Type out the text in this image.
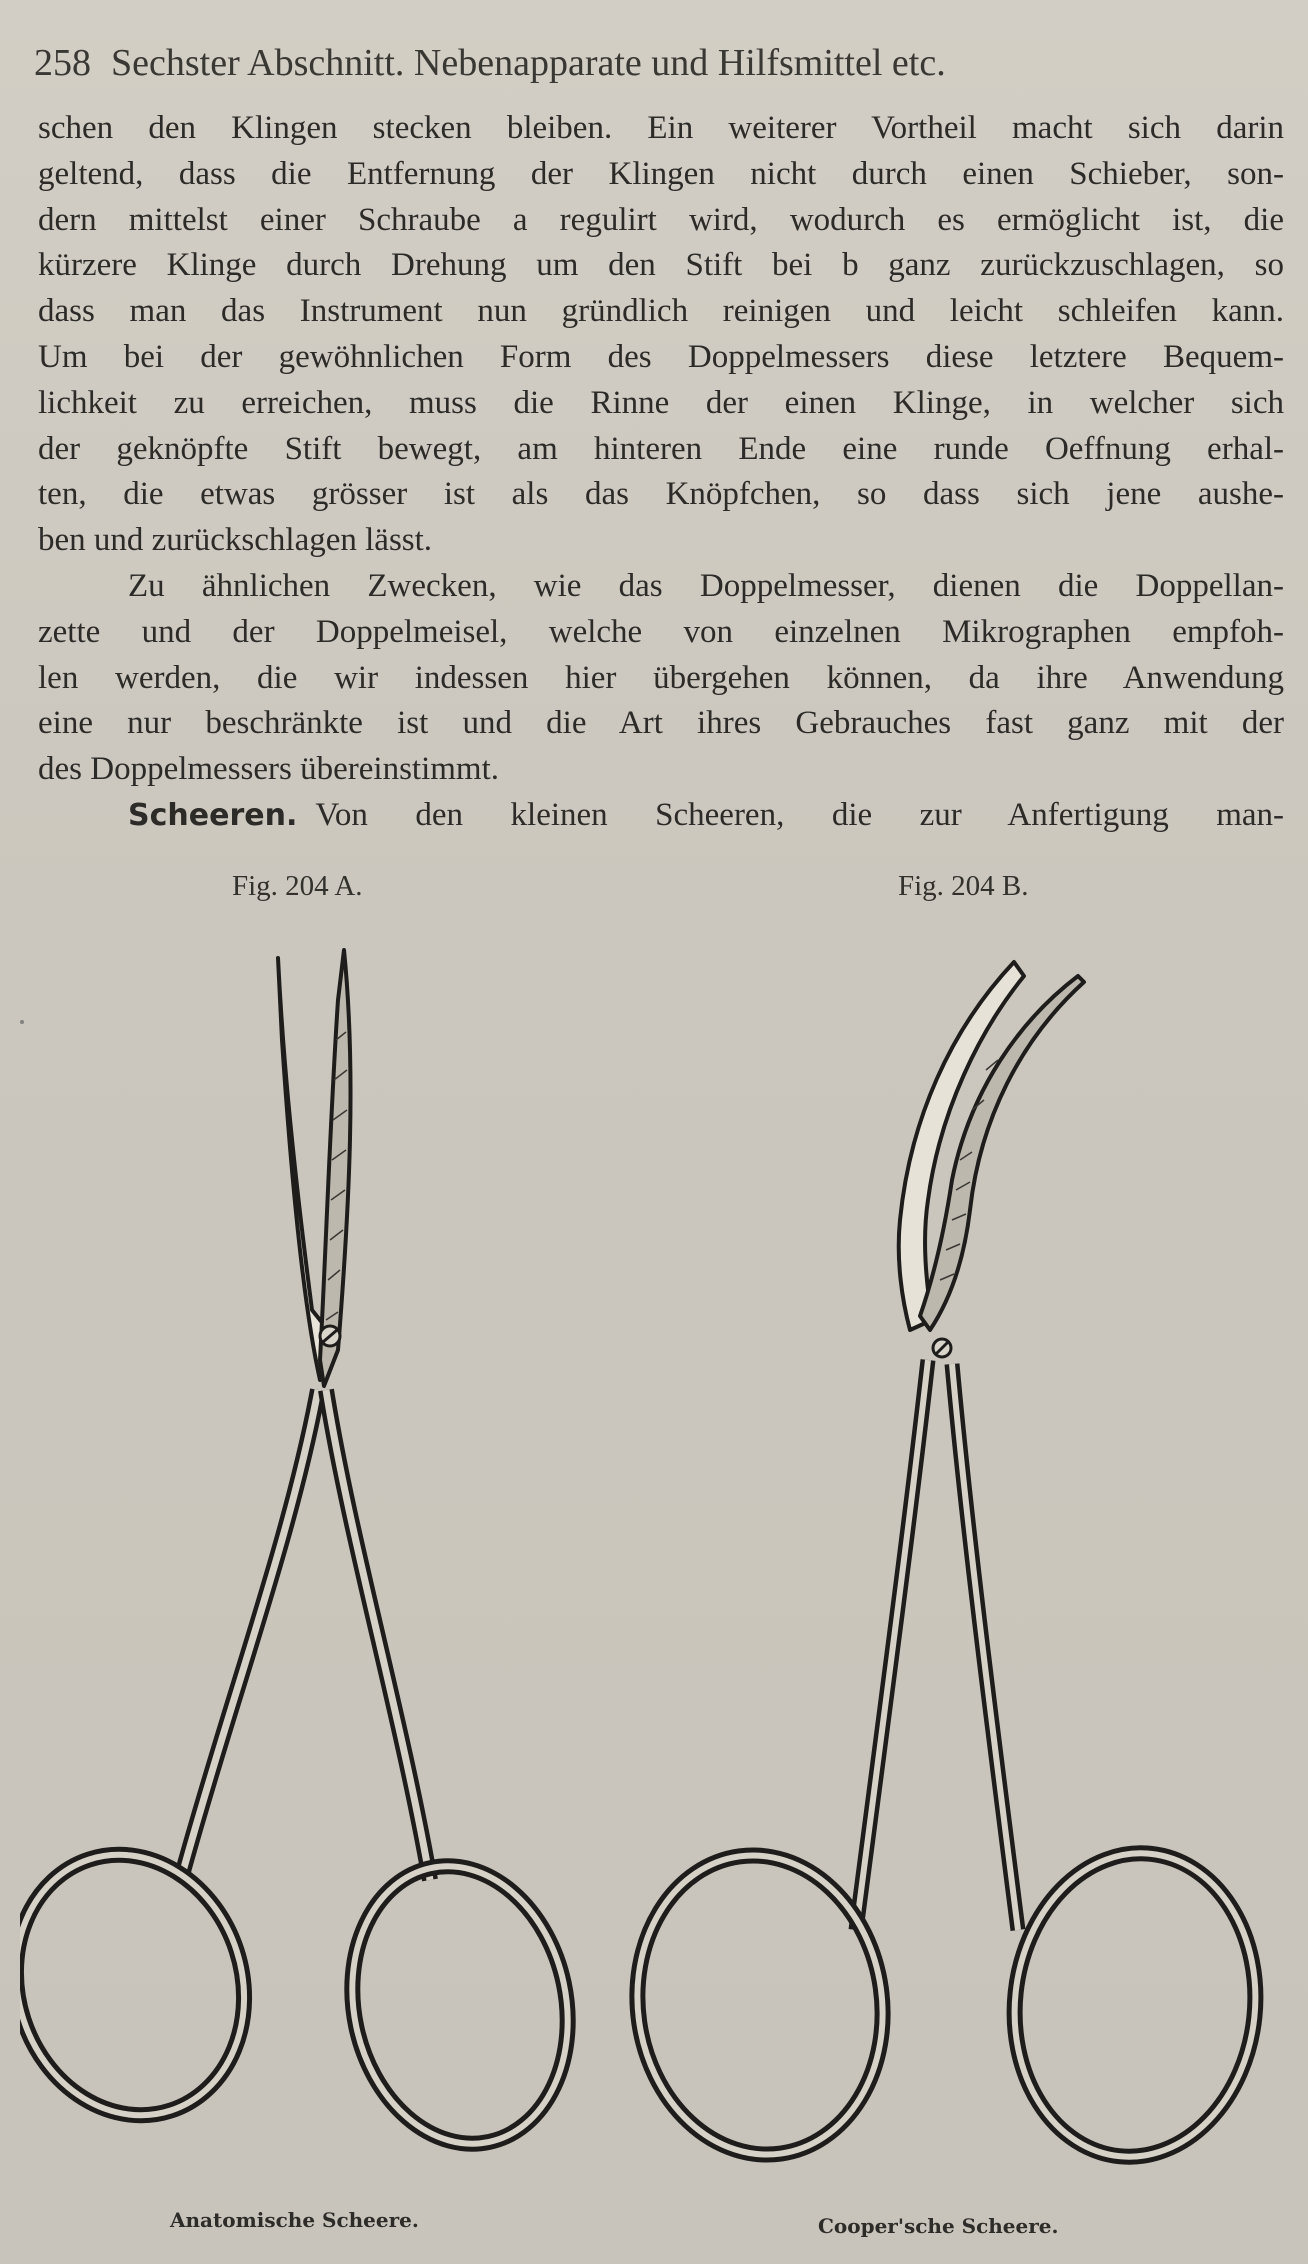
258 Sechster Abschnitt. Nebenapparate und Hilfsmittel etc.
schen den Klingen stecken bleiben. Ein weiterer Vortheil macht sich darin
geltend, dass die Entfernung der Klingen nicht durch einen Schieber, son-
dern mittelst einer Schraube a regulirt wird, wodurch es ermöglicht ist, die
kürzere Klinge durch Drehung um den Stift bei b ganz zurückzuschlagen, so
dass man das Instrument nun gründlich reinigen und leicht schleifen kann.
Um bei der gewöhnlichen Form des Doppelmessers diese letztere Bequem-
lichkeit zu erreichen, muss die Rinne der einen Klinge, in welcher sich
der geknöpfte Stift bewegt, am hinteren Ende eine runde Oeffnung erhal-
ten, die etwas grösser ist als das Knöpfchen, so dass sich jene aushe-
ben und zurückschlagen lässt.
Zu ähnlichen Zwecken, wie das Doppelmesser, dienen die Doppellan-
zette und der Doppelmeisel, welche von einzelnen Mikrographen empfoh-
len werden, die wir indessen hier übergehen können, da ihre Anwendung
eine nur beschränkte ist und die Art ihres Gebrauches fast ganz mit der
des Doppelmessers übereinstimmt.
Scheeren. Von den kleinen Scheeren, die zur Anfertigung man-
Fig. 204 A.	Fig. 204 B.
Anatomische Scheere.	Cooper'sche Scheere.
